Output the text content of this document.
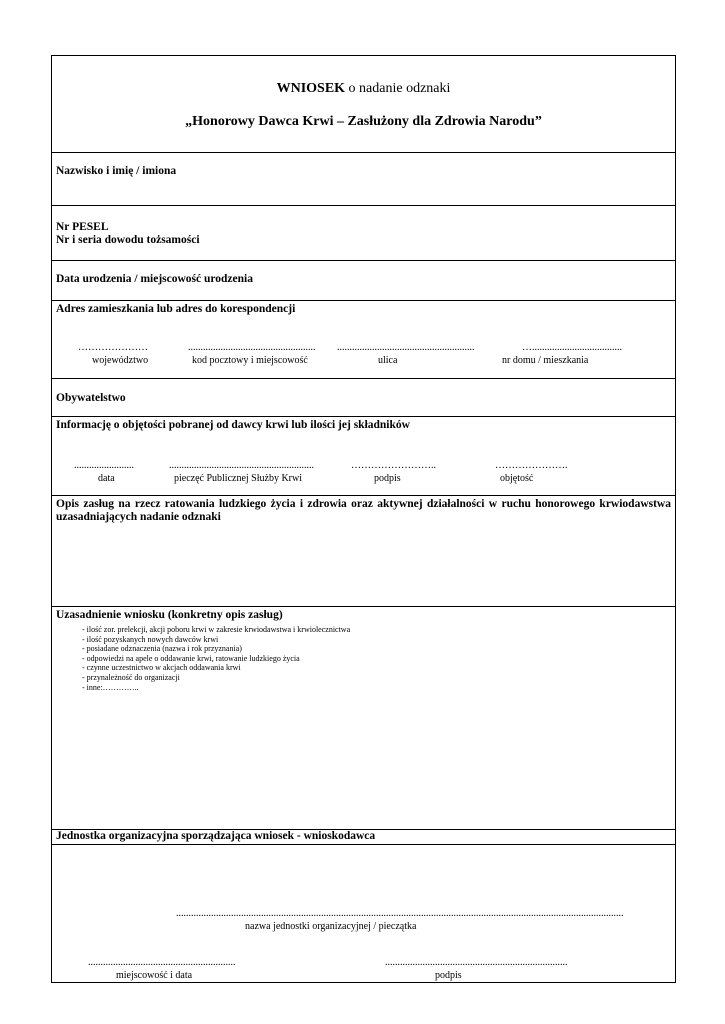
WNIOSEK o nadanie odznaki
„Honorowy Dawca Krwi – Zasłużony dla Zdrowia Narodu”
Nazwisko i imię / imiona
Nr PESEL
Nr i seria dowodu tożsamości
Data urodzenia / miejscowość urodzenia
Adres zamieszkania lub adres do korespondencji
…………………	................................................... .......................................................	…....................................
województwo	kod pocztowy i miejscowość	ulica	nr domu / mieszkania
Obywatelstwo
Informację o objętości pobranej od dawcy krwi lub ilości jej składników
........................	..........................................................	……………………..	………………….
data	pieczęć Publicznej Służby Krwi	podpis	objętość
Opis zasług na rzecz ratowania ludzkiego życia i zdrowia oraz aktywnej działalności w ruchu honorowego krwiodawstwa uzasadniających nadanie odznaki
Uzasadnienie wniosku (konkretny opis zasług)
- ilość zor. prelekcji, akcji poboru krwi w zakresie krwiodawstwa i krwiolecznictwa
- ilość pozyskanych nowych dawców krwi
- posiadane odznaczenia (nazwa i rok przyznania)
- odpowiedzi na apele o oddawanie krwi, ratowanie ludzkiego życia
- czynne uczestnictwo w akcjach oddawania krwi
- przynależność do organizacji
- inne:…………..
Jednostka organizacyjna sporządzająca wniosek - wnioskodawca
...................................................................................................................................................................................
nazwa jednostki organizacyjnej / pieczątka
...........................................................
miejscowość i data
.........................................................................
podpis
